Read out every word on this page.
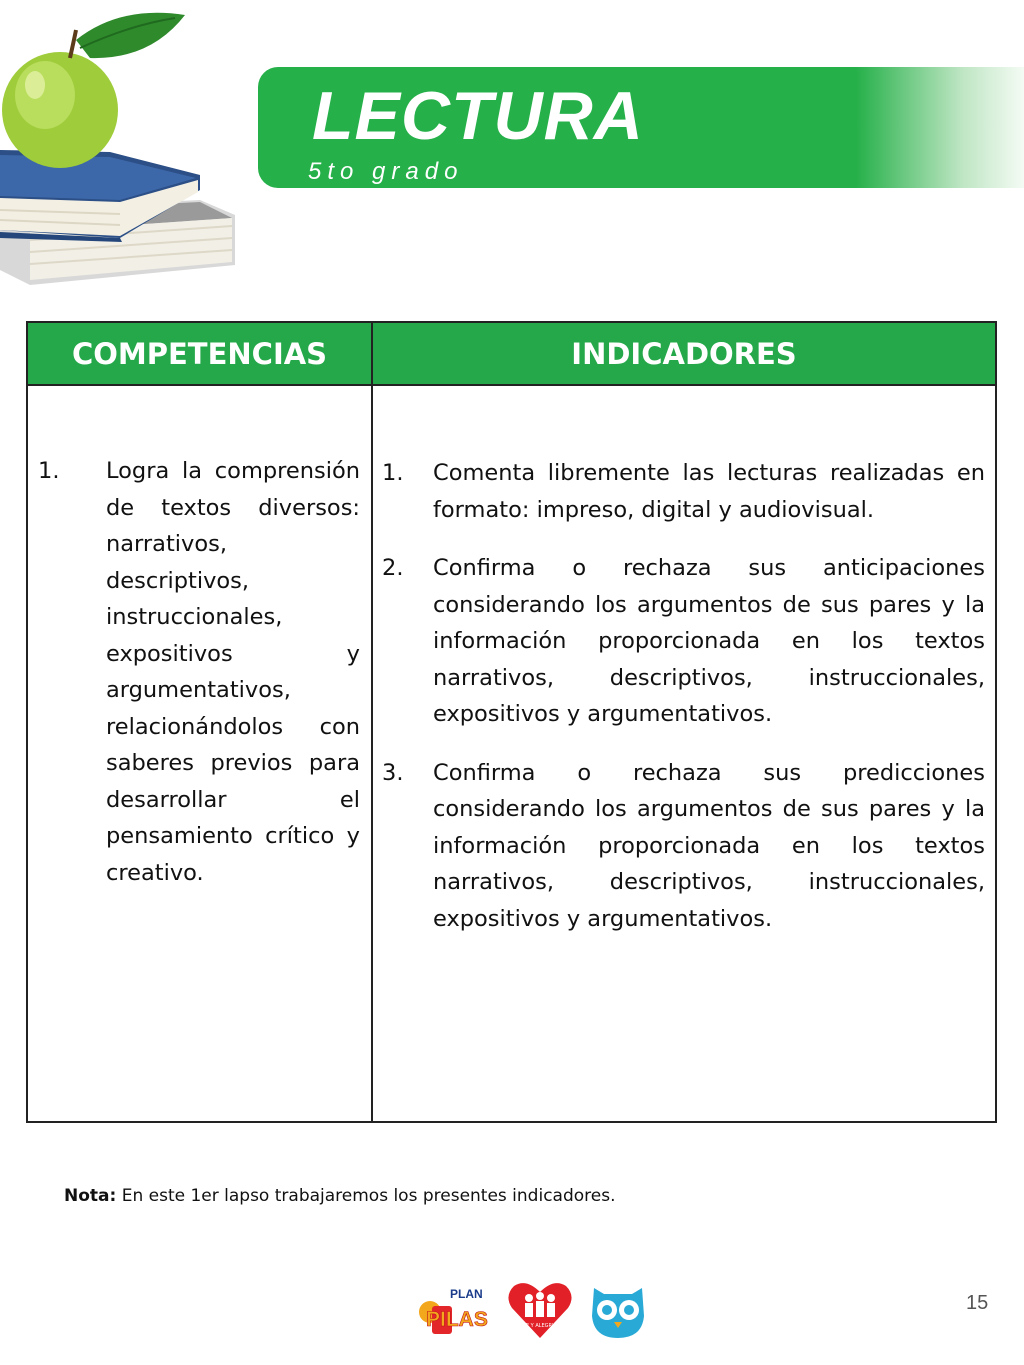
LECTURA
5to grado
COMPETENCIAS	INDICADORES
1. Logra la comprensión de textos diversos: narrativos, descriptivos, instruccionales, expositivos y argumentativos, relacionándolos con saberes previos para desarrollar el pensamiento crítico y creativo.
1. Comenta libremente las lecturas realizadas en formato: impreso, digital y audiovisual.
2. Confirma o rechaza sus anticipaciones considerando los argumentos de sus pares y la información proporcionada en los textos narrativos, descriptivos, instruccionales, expositivos y argumentativos.
3. Confirma o rechaza sus predicciones considerando los argumentos de sus pares y la información proporcionada en los textos narrativos, descriptivos, instruccionales, expositivos y argumentativos.
Nota: En este 1er lapso trabajaremos los presentes indicadores.
PLAN
PILAS	FE Y ALEGRIA
15
